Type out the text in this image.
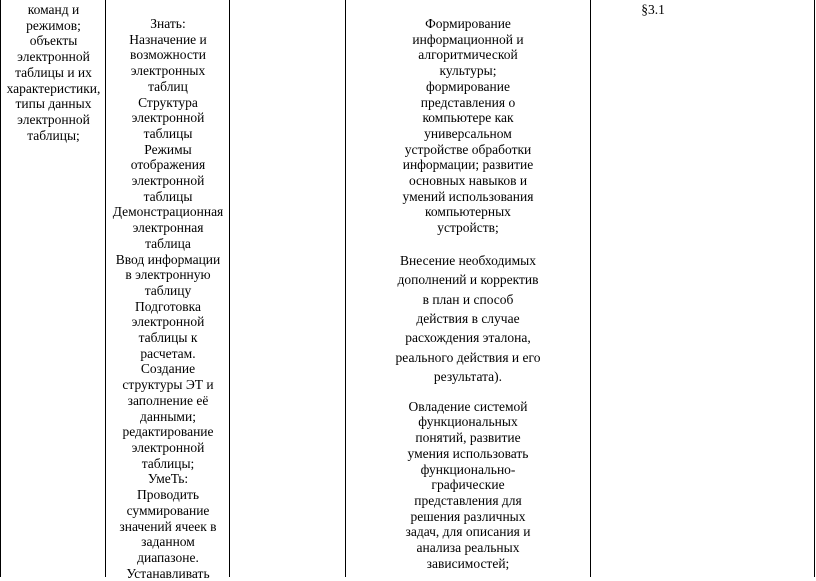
команд и
режимов;
объекты
электронной
таблицы и их
характеристики,
типы данных
электронной
таблицы;
Знать:
Назначение и
возможности
электронных
таблиц
Структура
электронной
таблицы
Режимы
отображения
электронной
таблицы
Демонстрационная
электронная
таблица
Ввод информации
в электронную
таблицу
Подготовка
электронной
таблицы к
расчетам.
Создание
структуры ЭТ и
заполнение её
данными;
редактирование
электронной
таблицы;
УмеТь:
Проводить
суммирование
значений ячеек в
заданном
диапазоне.
Устанавливать
Формирование
информационной и
алгоритмической
культуры;
формирование
представления о
компьютере как
универсальном
устройстве обработки
информации; развитие
основных навыков и
умений использования
компьютерных
устройств;
Внесение необходимых
дополнений и корректив
в план и способ
действия в случае
расхождения эталона,
реального действия и его
результата).
Овладение системой
функциональных
понятий, развитие
умения использовать
функционально-
графические
представления для
решения различных
задач, для описания и
анализа реальных
зависимостей;
§3.1
